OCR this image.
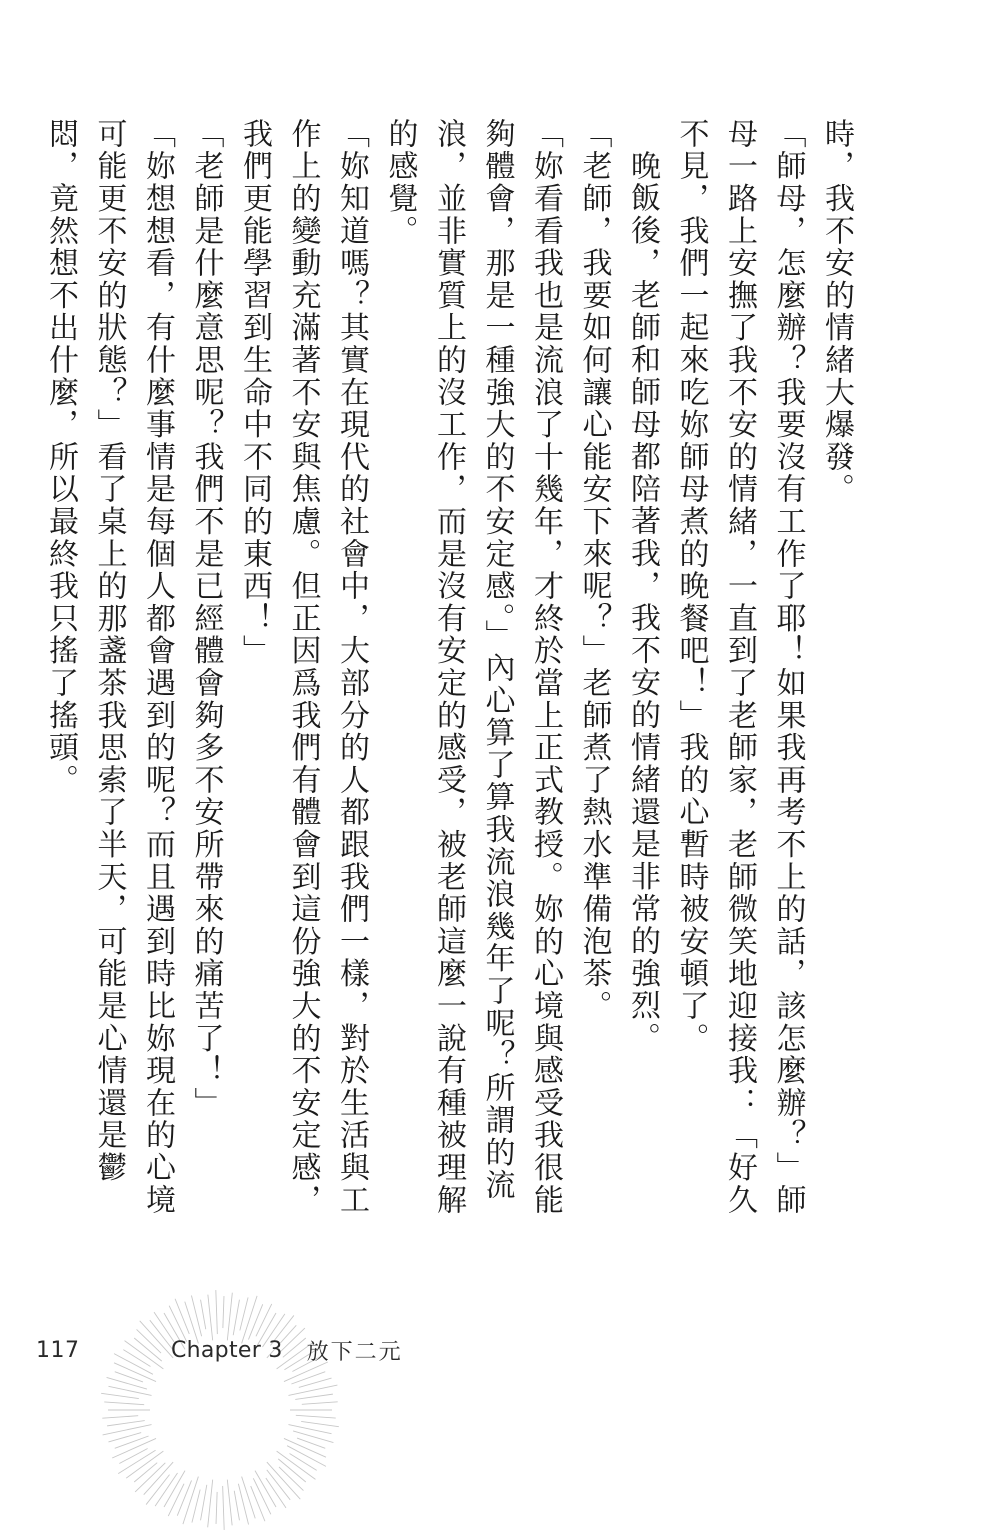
時，我不安的情緒大爆發。

「師母，怎麼辦？我要沒有工作了耶！如果我再考不上的話，該怎麼辦？」師母一路上安撫了我不安的情緒，一直到了老師家，老師微笑地迎接我：「好久不見，我們一起來吃妳師母煮的晚餐吧！」我的心暫時被安頓了。

晚飯後，老師和師母都陪著我，我不安的情緒還是非常的強烈。

「老師，我要如何讓心能安下來呢？」老師煮了熱水準備泡茶。

「妳看看我也是流浪了十幾年，才終於當上正式教授。妳的心境與感受我很能夠體會，那是一種強大的不安定感。」內心算了算我流浪幾年了呢？所謂的流浪，並非實質上的沒工作，而是沒有安定的感受，被老師這麼一說有種被理解的感覺。

「妳知道嗎？其實在現代的社會中，大部分的人都跟我們一樣，對於生活與工作上的變動充滿著不安與焦慮。但正因爲我們有體會到這份強大的不安定感，我們更能學習到生命中不同的東西！」

「老師是什麼意思呢？我們不是已經體會夠多不安所帶來的痛苦了！」

「妳想想看，有什麼事情是每個人都會遇到的呢？而且遇到時比妳現在的心境可能更不安的狀態？」看了桌上的那盞茶我思索了半天，可能是心情還是鬱悶，竟然想不出什麼，所以最終我只搖了搖頭。

117	Chapter 3 放下二元
